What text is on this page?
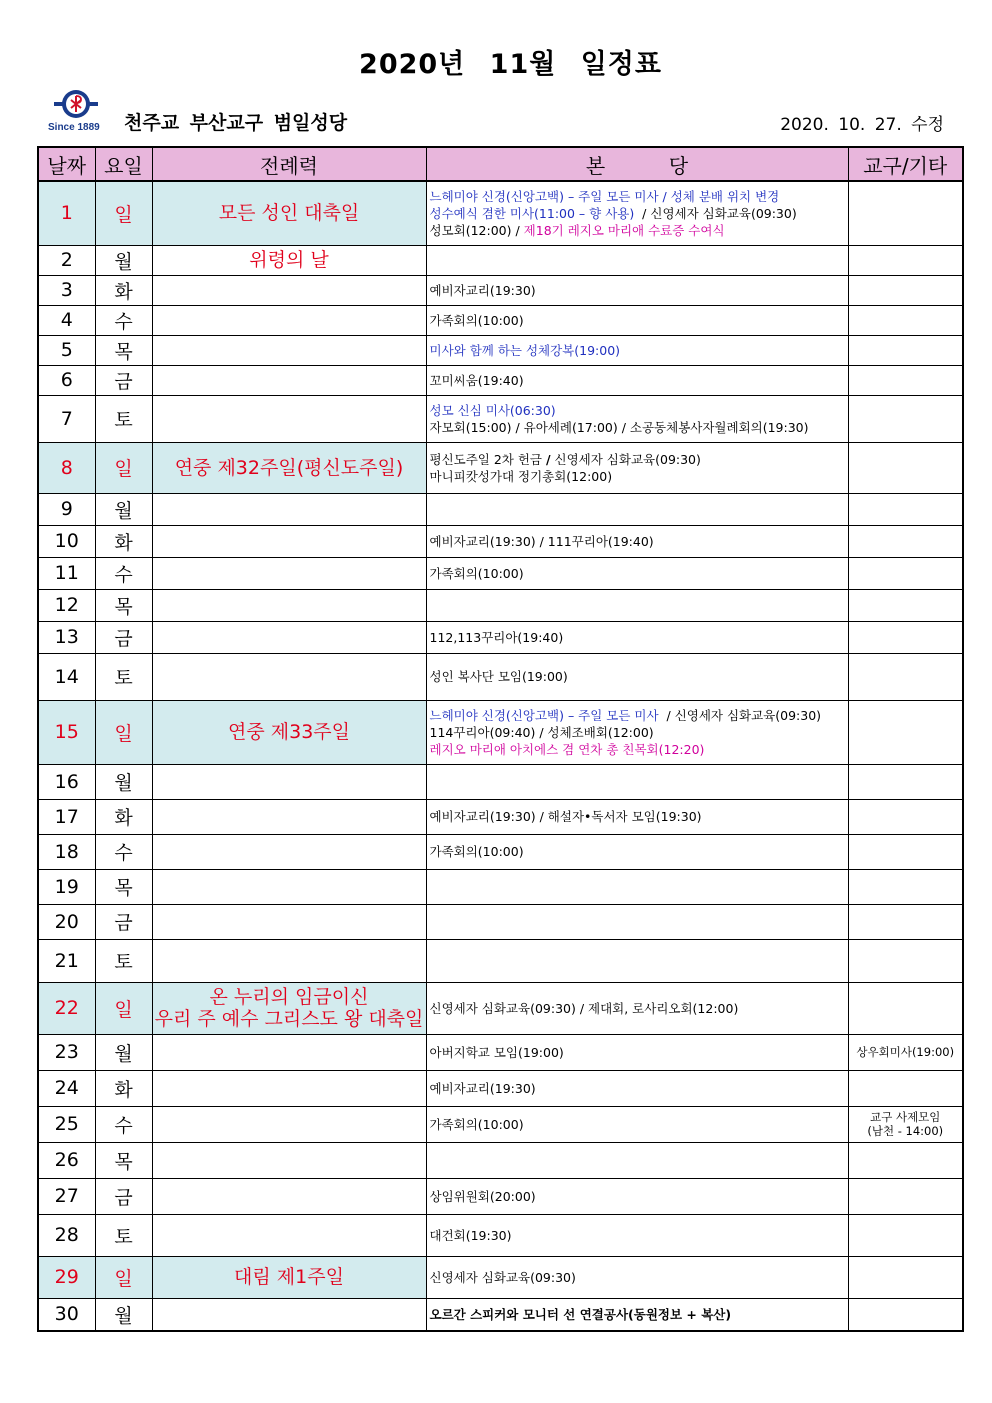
2020년 11월 일정표
Since 1889 천주교 부산교구 범일성당	2020. 10. 27. 수정
날짜	요일	전례력	본          당	교구/기타
1	일	모든 성인 대축일	느헤미야 신경(신앙고백) – 주일 모든 미사 / 성체 분배 위치 변경
성수예식 겸한 미사(11:00 – 향 사용)  / 신영세자 심화교육(09:30)
성모회(12:00) / 제18기 레지오 마리애 수료증 수여식	

2	월	위령의 날		
3	화		예비자교리(19:30)	

4	수		가족회의(10:00)	

5	목		미사와 함께 하는 성체강복(19:00)	

6	금		꼬미씨움(19:40)	

7	토		성모 신심 미사(06:30)
자모회(15:00) / 유아세례(17:00) / 소공동체봉사자월례회의(19:30)	

8	일	연중 제32주일(평신도주일)	평신도주일 2차 헌금 / 신영세자 심화교육(09:30)
마니피캇성가대 정기총회(12:00)	

9	월			
10	화		예비자교리(19:30) / 111꾸리아(19:40)	

11	수		가족회의(10:00)	

12	목			
13	금		112,113꾸리아(19:40)	

14	토		성인 복사단 모임(19:00)	

15	일	연중 제33주일	느헤미야 신경(신앙고백) – 주일 모든 미사  / 신영세자 심화교육(09:30)
114꾸리아(09:40) / 성체조배회(12:00)
레지오 마리애 아치에스 겸 연차 총 친목회(12:20)	

16	월			
17	화		예비자교리(19:30) / 해설자•독서자 모임(19:30)	

18	수		가족회의(10:00)	

19	목			
20	금			
21	토			
22	일	온 누리의 임금이신
우리 주 예수 그리스도 왕 대축일	신영세자 심화교육(09:30) / 제대회, 로사리오회(12:00)	

23	월		아버지학교 모임(19:00)	상우회미사(19:00)
24	화		예비자교리(19:30)	

25	수		가족회의(10:00)	교구 사제모임
(남천 - 14:00)
26	목			
27	금		상임위원회(20:00)	

28	토		대건회(19:30)	

29	일	대림 제1주일	신영세자 심화교육(09:30)	

30	월		오르간 스피커와 모니터 선 연결공사(동원정보 + 복산)	
